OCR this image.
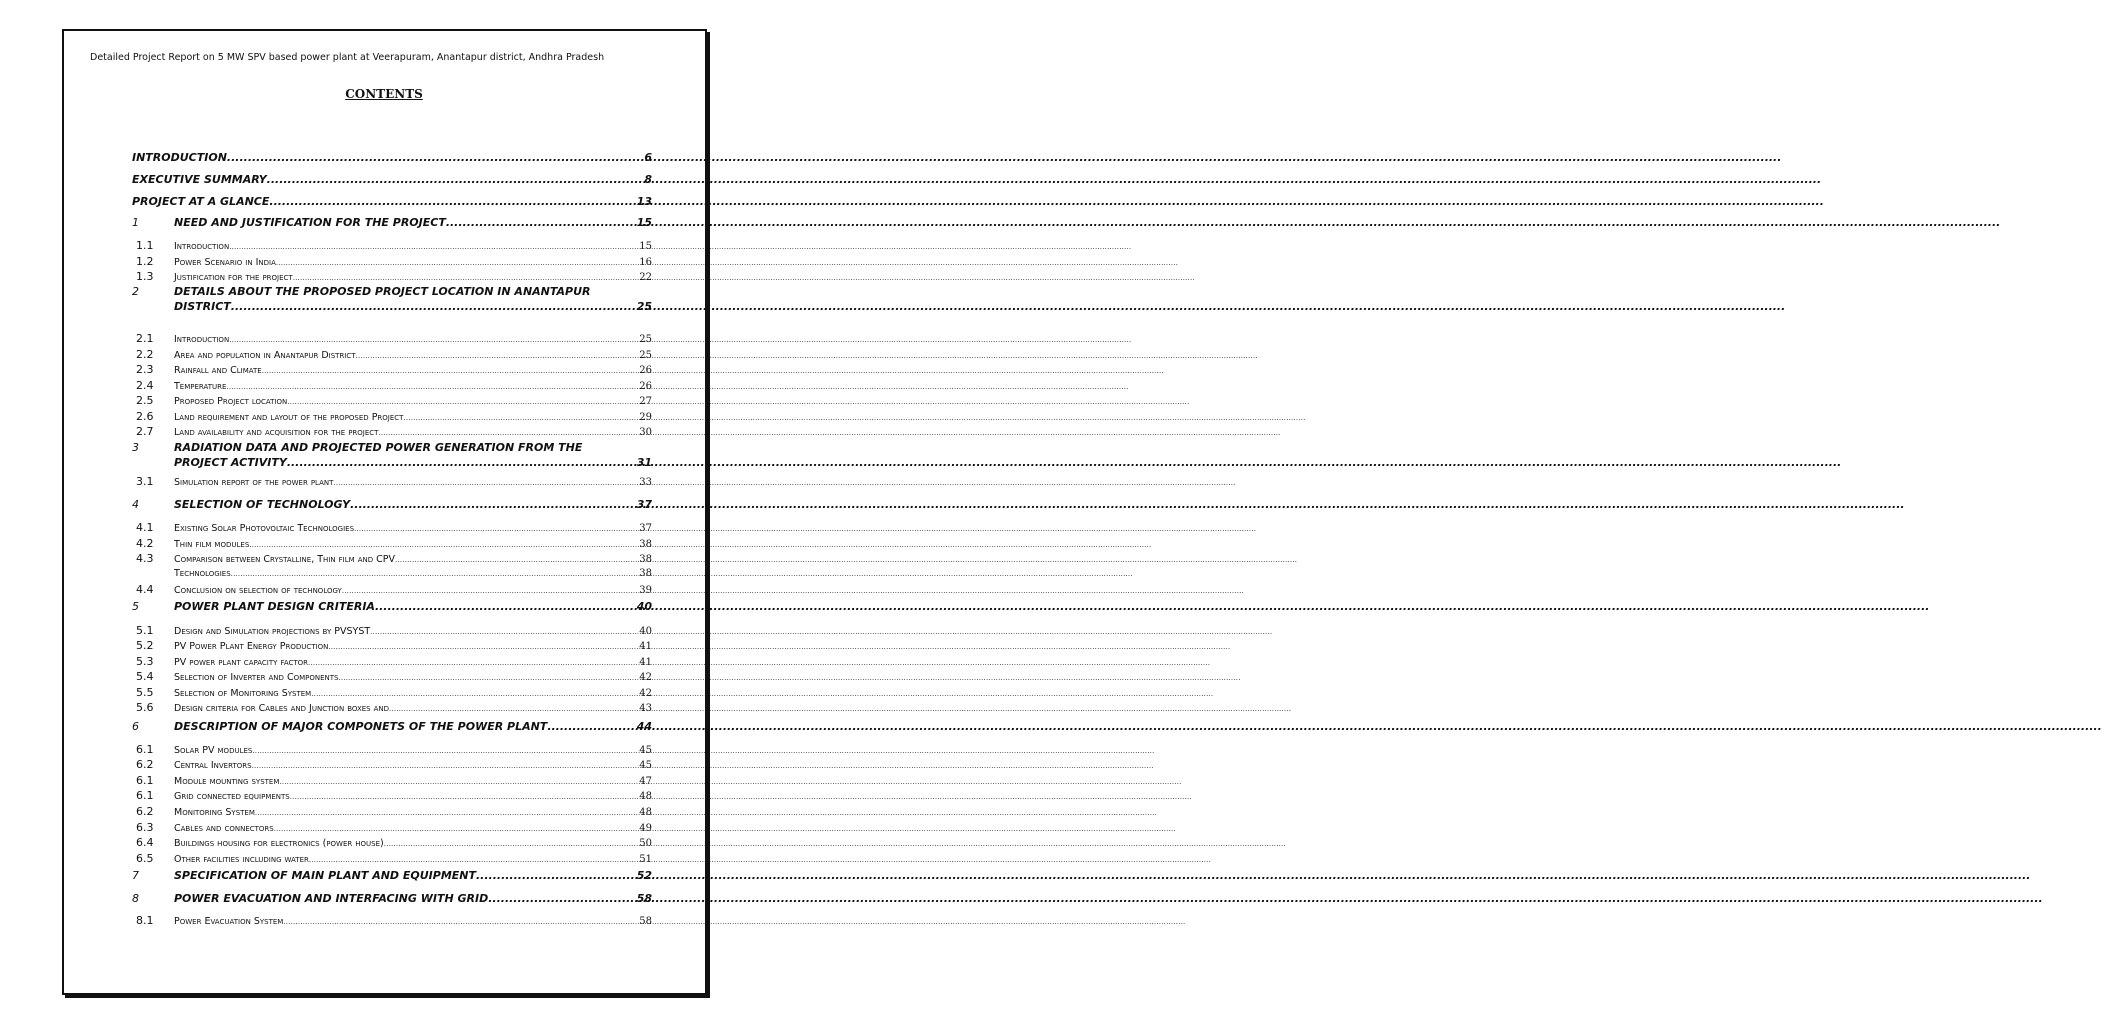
Detailed Project Report on 5 MW SPV based power plant at Veerapuram, Anantapur district, Andhra Pradesh
CONTENTS
INTRODUCTION .....	6
EXECUTIVE SUMMARY .....	8
PROJECT AT A GLANCE .....	13
1	NEED AND JUSTIFICATION FOR THE PROJECT .....	15
1.1	Introduction .....	15
1.2	Power Scenario in India .....	16
1.3	Justification for the project .....	22
2	DETAILS ABOUT THE PROPOSED PROJECT LOCATION IN ANANTAPUR
DISTRICT .....	25
2.1	Introduction .....	25
2.2	Area and population in Anantapur District .....	25
2.3	Rainfall and Climate .....	26
2.4	Temperature .....	26
2.5	Proposed Project location .....	27
2.6	Land requirement and layout of the proposed Project .....	29
2.7	Land availability and acquisition for the project .....	30
3	RADIATION DATA AND PROJECTED POWER GENERATION FROM THE
PROJECT ACTIVITY .....	31
3.1	Simulation report of the power plant .....	33
4	SELECTION OF TECHNOLOGY .....	37
4.1	Existing Solar Photovoltaic Technologies .....	37
4.2	Thin film modules .....	38
4.3	Comparison between Crystalline, Thin film and CPV .....	38
Technologies .....	38
4.4	Conclusion on selection of technology .....	39
5	POWER PLANT DESIGN CRITERIA .....	40
5.1	Design and Simulation projections by PVSYST .....	40
5.2	PV Power Plant Energy Production .....	41
5.3	PV power plant capacity factor .....	41
5.4	Selection of Inverter and Components .....	42
5.5	Selection of Monitoring System .....	42
5.6	Design criteria for Cables and Junction boxes and .....	43
6	DESCRIPTION OF MAJOR COMPONETS OF THE POWER PLANT .....	44
6.1	Solar PV modules .....	45
6.2	Central Invertors .....	45
6.1	Module mounting system .....	47
6.1	Grid connected equipments .....	48
6.2	Monitoring System .....	48
6.3	Cables and connectors .....	49
6.4	Buildings housing for electronics (power house) .....	50
6.5	Other facilities including water .....	51
7	SPECIFICATION OF MAIN PLANT AND EQUIPMENT .....	52
8	POWER EVACUATION AND INTERFACING WITH GRID .....	58
8.1	Power Evacuation System .....	58
